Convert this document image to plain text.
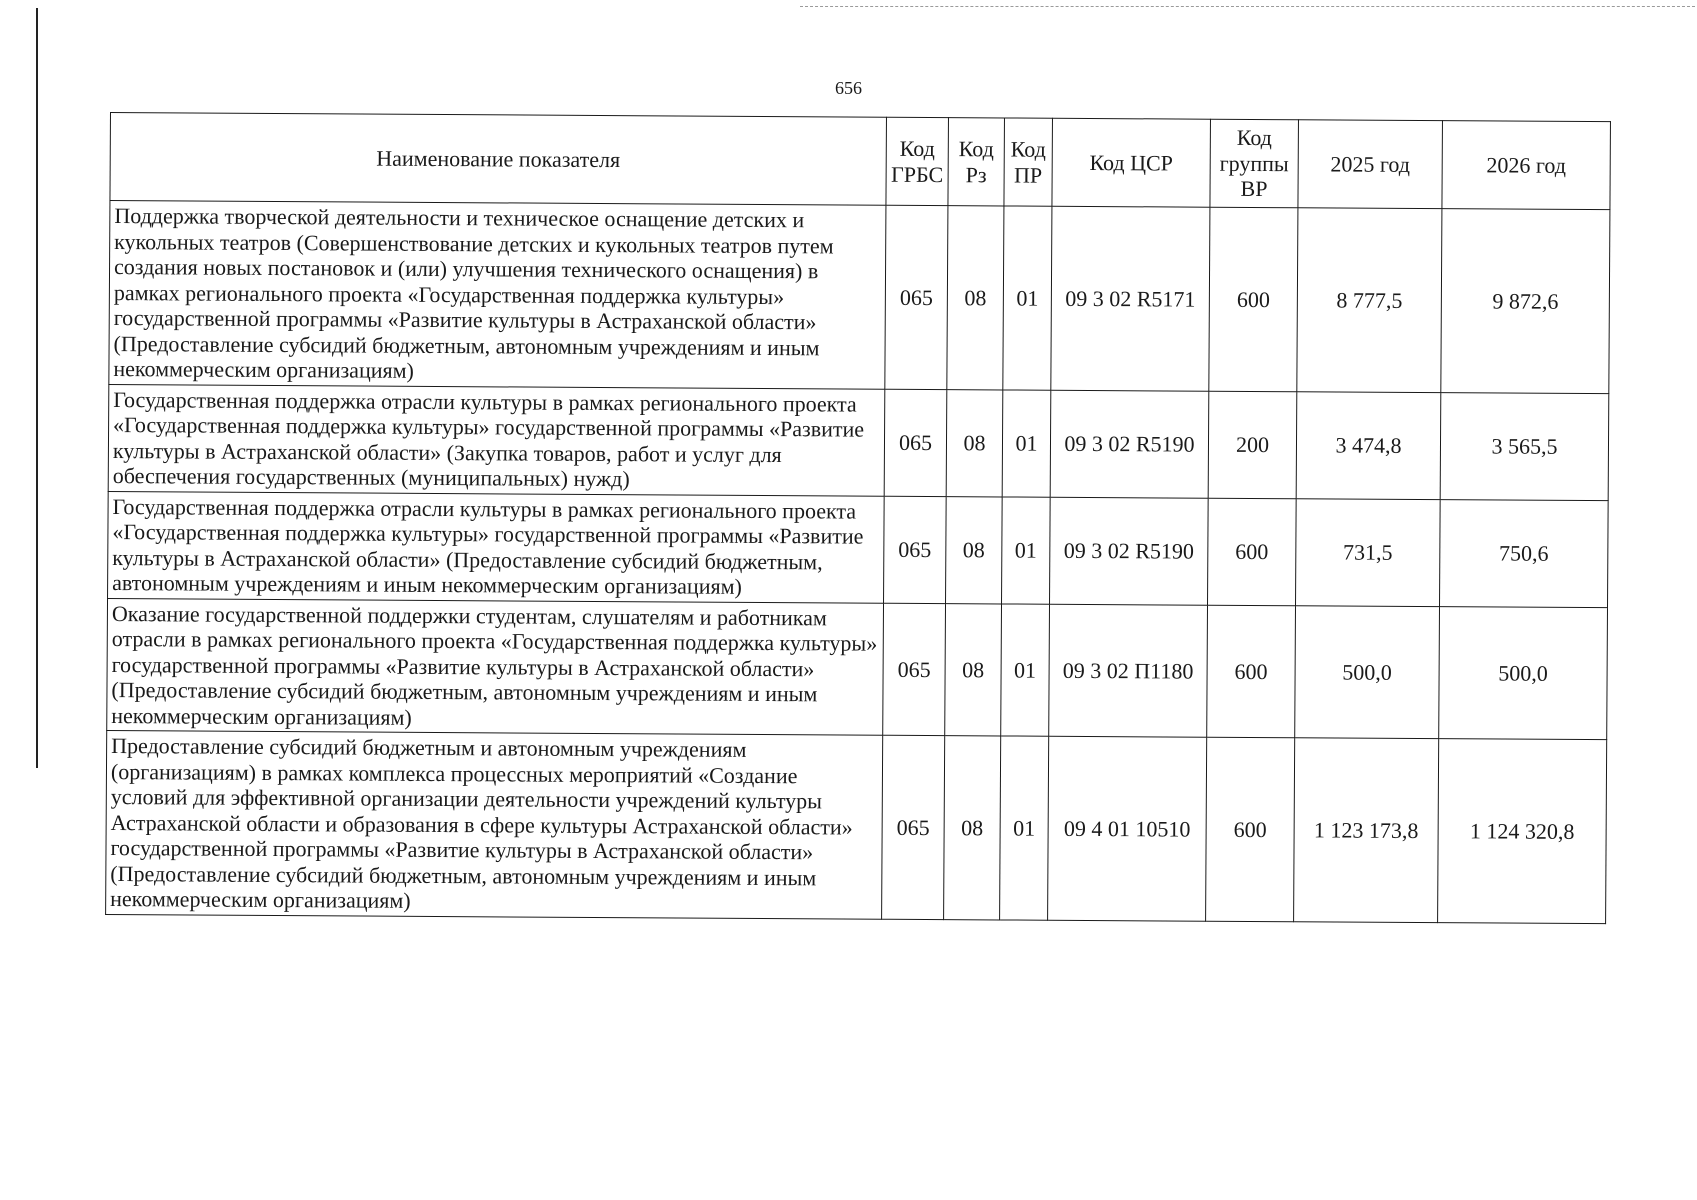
656
Наименование показателя	Код ГРБС	Код Рз	Код ПР	Код ЦСР	Код группы ВР	2025 год	2026 год
Поддержка творческой деятельности и техническое оснащение детских и кукольных театров (Совершенствование детских и кукольных театров путем создания новых постановок и (или) улучшения технического оснащения) в рамках регионального проекта «Государственная поддержка культуры» государственной программы «Развитие культуры в Астраханской области» (Предоставление субсидий бюджетным, автономным учреждениям и иным некоммерческим организациям)	065	08	01	09 3 02 R5171	600	8 777,5	9 872,6
Государственная поддержка отрасли культуры в рамках регионального проекта «Государственная поддержка культуры» государственной программы «Развитие культуры в Астраханской области» (Закупка товаров, работ и услуг для обеспечения государственных (муниципальных) нужд)	065	08	01	09 3 02 R5190	200	3 474,8	3 565,5
Государственная поддержка отрасли культуры в рамках регионального проекта «Государственная поддержка культуры» государственной программы «Развитие культуры в Астраханской области» (Предоставление субсидий бюджетным, автономным учреждениям и иным некоммерческим организациям)	065	08	01	09 3 02 R5190	600	731,5	750,6
Оказание государственной поддержки студентам, слушателям и работникам отрасли в рамках регионального проекта «Государственная поддержка культуры» государственной программы «Развитие культуры в Астраханской области» (Предоставление субсидий бюджетным, автономным учреждениям и иным некоммерческим организациям)	065	08	01	09 3 02 П1180	600	500,0	500,0
Предоставление субсидий бюджетным и автономным учреждениям (организациям) в рамках комплекса процессных мероприятий «Создание условий для эффективной организации деятельности учреждений культуры Астраханской области и образования в сфере культуры Астраханской области» государственной программы «Развитие культуры в Астраханской области» (Предоставление субсидий бюджетным, автономным учреждениям и иным некоммерческим организациям)	065	08	01	09 4 01 10510	600	1 123 173,8	1 124 320,8
